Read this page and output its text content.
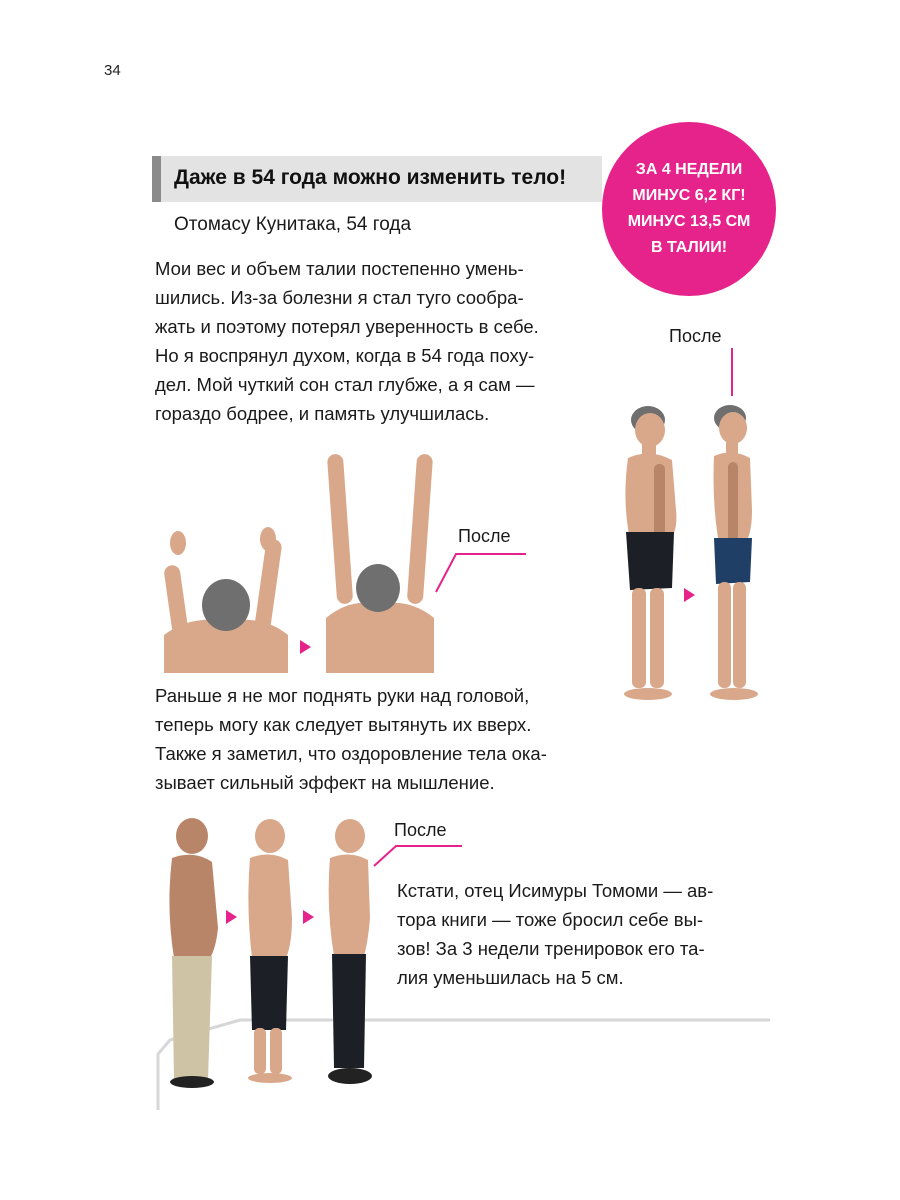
34
Даже в 54 года можно изменить тело!
Отомасу Кунитака, 54 года
ЗА 4 НЕДЕЛИ
МИНУС 6,2 КГ!
МИНУС 13,5 СМ
В ТАЛИИ!
Мои вес и объем талии постепенно умень-
шились. Из-за болезни я стал туго сообра-
жать и поэтому потерял уверенность в себе.
Но я воспрянул духом, когда в 54 года поху-
дел. Мой чуткий сон стал глубже, а я сам —
гораздо бодрее, и память улучшилась.
После
После
Раньше я не мог поднять руки над головой,
теперь могу как следует вытянуть их вверх.
Также я заметил, что оздоровление тела ока-
зывает сильный эффект на мышление.
После
Кстати, отец Исимуры Томоми — ав-
тора книги — тоже бросил себе вы-
зов! За 3 недели тренировок его та-
лия уменьшилась на 5 см.
